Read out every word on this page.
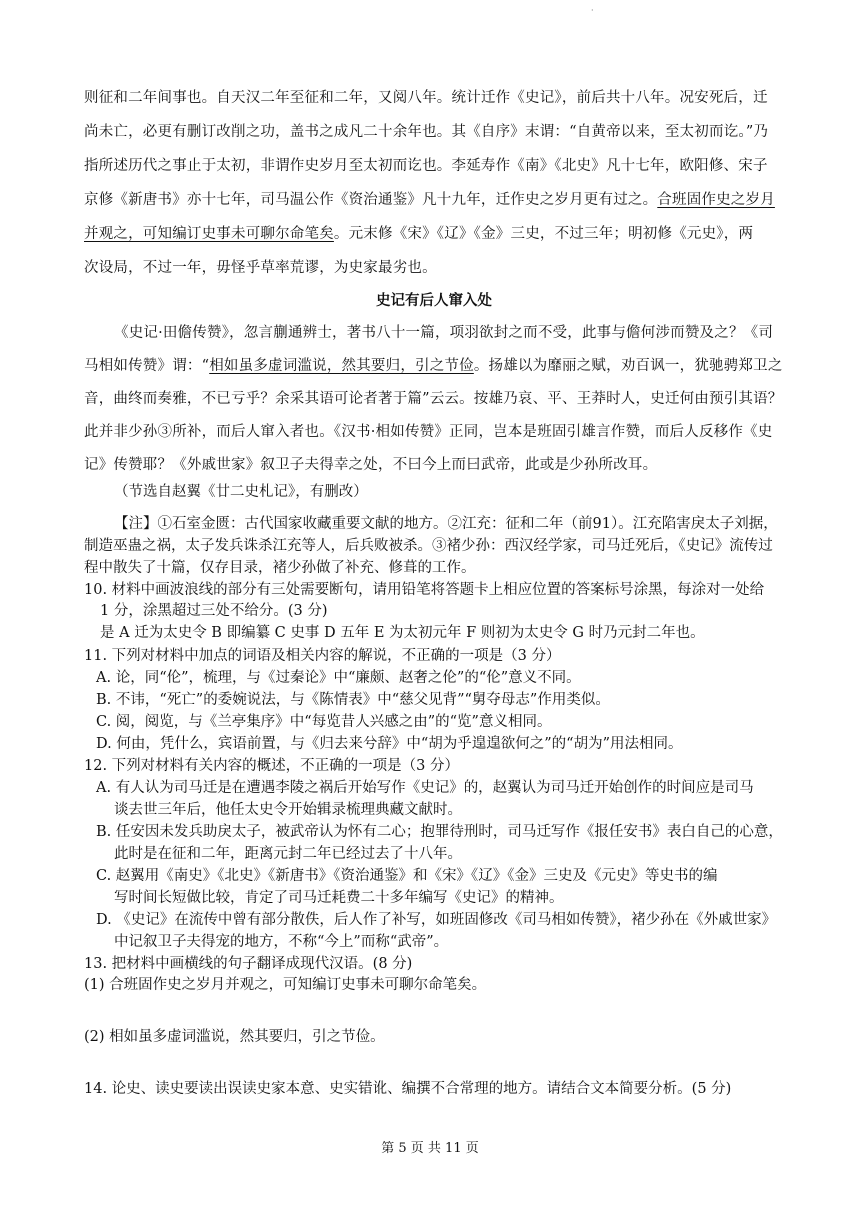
·
则征和二年间事也。自天汉二年至征和二年，又阅八年。统计迁作《史记》，前后共十八年。况安死后，迁
尚未亡，必更有删订改削之功，盖书之成凡二十余年也。其《自序》末谓：“自黄帝以来，至太初而讫。”乃
指所述历代之事止于太初，非谓作史岁月至太初而讫也。李延寿作《南》《北史》凡十七年，欧阳修、宋子
京修《新唐书》亦十七年，司马温公作《资治通鉴》凡十九年，迁作史之岁月更有过之。合班固作史之岁月
并观之，可知编订史事未可聊尔命笔矣。元末修《宋》《辽》《金》三史，不过三年；明初修《元史》，两
次设局，不过一年，毋怪乎草率荒谬，为史家最劣也。
史记有后人窜入处
《史记·田儋传赞》，忽言蒯通辨士，著书八十一篇，项羽欲封之而不受，此事与儋何涉而赞及之？《司
马相如传赞》谓：“相如虽多虚词滥说，然其要归，引之节俭。扬雄以为靡丽之赋，劝百讽一，犹驰骋郑卫之
音，曲终而奏雅，不已亏乎？余采其语可论者著于篇”云云。按雄乃哀、平、王莽时人，史迁何由预引其语？
此并非少孙③所补，而后人窜入者也。《汉书·相如传赞》正同，岂本是班固引雄言作赞，而后人反移作《史
记》传赞耶？《外戚世家》叙卫子夫得幸之处，不曰今上而曰武帝，此或是少孙所改耳。
（节选自赵翼《廿二史札记》，有删改）
【注】①石室金匮：古代国家收藏重要文献的地方。②江充：征和二年（前91）。江充陷害戾太子刘据，
制造巫蛊之祸，太子发兵诛杀江充等人，后兵败被杀。③褚少孙：西汉经学家，司马迁死后，《史记》流传过
程中散失了十篇，仅存目录，褚少孙做了补充、修葺的工作。
10. 材料中画波浪线的部分有三处需要断句，请用铅笔将答题卡上相应位置的答案标号涂黑，每涂对一处给
1 分，涂黑超过三处不给分。(3 分)
是 A 迁为太史令 B 即编纂 C 史事 D 五年 E 为太初元年 F 则初为太史令 G 时乃元封二年也。
11. 下列对材料中加点的词语及相关内容的解说，不正确的一项是（3 分）
A. 论，同“伦”，梳理，与《过秦论》中“廉颇、赵奢之伦”的“伦”意义不同。
B. 不讳，“死亡”的委婉说法，与《陈情表》中“慈父见背”“舅夺母志”作用类似。
C. 阅，阅览，与《兰亭集序》中“每览昔人兴感之由”的“览”意义相同。
D. 何由，凭什么，宾语前置，与《归去来兮辞》中“胡为乎遑遑欲何之”的“胡为”用法相同。
12. 下列对材料有关内容的概述，不正确的一项是（3 分）
A. 有人认为司马迁是在遭遇李陵之祸后开始写作《史记》的，赵翼认为司马迁开始创作的时间应是司马
谈去世三年后，他任太史令开始辑录梳理典藏文献时。
B. 任安因未发兵助戾太子，被武帝认为怀有二心；抱罪待刑时，司马迁写作《报任安书》表白自己的心意，
此时是在征和二年，距离元封二年已经过去了十八年。
C. 赵翼用《南史》《北史》《新唐书》《资治通鉴》和《宋》《辽》《金》三史及《元史》等史书的编
写时间长短做比较，肯定了司马迁耗费二十多年编写《史记》的精神。
D. 《史记》在流传中曾有部分散佚，后人作了补写，如班固修改《司马相如传赞》，褚少孙在《外戚世家》
中记叙卫子夫得宠的地方，不称“今上”而称“武帝”。
13. 把材料中画横线的句子翻译成现代汉语。(8 分)
(1) 合班固作史之岁月并观之，可知编订史事未可聊尔命笔矣。
(2) 相如虽多虚词滥说，然其要归，引之节俭。
14. 论史、读史要读出误读史家本意、史实错讹、编撰不合常理的地方。请结合文本简要分析。(5 分)
第 5 页 共 11 页
